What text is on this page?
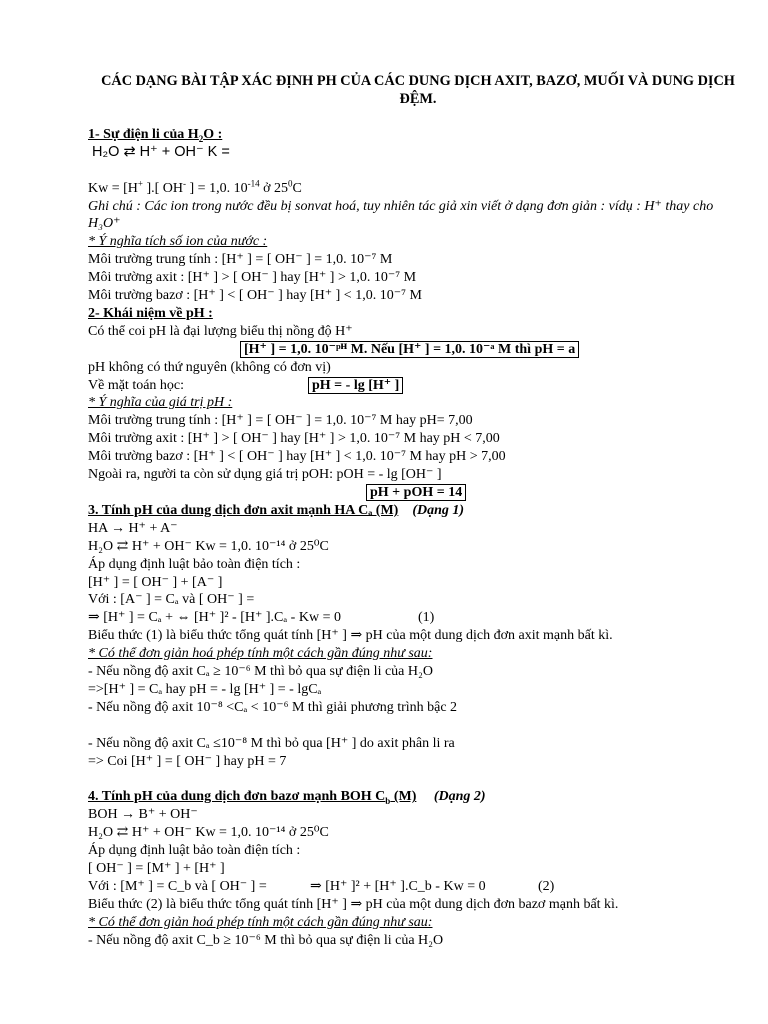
CÁC DẠNG BÀI TẬP XÁC ĐỊNH PH CỦA CÁC DUNG DỊCH AXIT, BAZƠ, MUỐI VÀ DUNG DỊCH ĐỆM.
1- Sự điện li của $H_2O$ :
H₂O ⇄ H⁺ + OH⁻ K =
Kw = [H+ ].[ OH- ] = 1,0. $10^{-14}$ ở $25^0C$
Ghi chú : Các ion trong nước đều bị sonvat hoá, tuy nhiên tác giả xin viết ở dạng đơn giản : vídụ : H⁺ thay cho H₃O⁺
* Ý nghĩa tích số ion của nước :
Môi trường trung tính : [H⁺ ] = [ OH⁻ ] = 1,0. 10⁻⁷ M
Môi trường axit : [H⁺ ] > [ OH⁻ ] hay [H⁺ ] > 1,0. 10⁻⁷ M
Môi trường bazơ : [H⁺ ] < [ OH⁻ ] hay [H⁺ ] < 1,0. 10⁻⁷ M
2- Khái niệm về pH :
Có thể coi pH là đại lượng biểu thị nồng độ H⁺
[H⁺ ] = 1,0. 10⁻ᵖᴴ M. Nếu [H⁺ ] = 1,0. 10⁻ᵃ M thì pH = a
pH không có thứ nguyên (không có đơn vị)
Về mặt toán học:	pH = - lg [H⁺ ]
* Ý nghĩa của giá trị pH :
Môi trường trung tính : [H⁺ ] = [ OH⁻ ] = 1,0. 10⁻⁷ M hay pH= 7,00
Môi trường axit : [H⁺ ] > [ OH⁻ ] hay [H⁺ ] > 1,0. 10⁻⁷ M hay pH < 7,00
Môi trường bazơ : [H⁺ ] < [ OH⁻ ] hay [H⁺ ] < 1,0. 10⁻⁷ M hay pH > 7,00
Ngoài ra, người ta còn sử dụng giá trị pOH: pOH = - lg [OH⁻ ]
pH + pOH = 14
3. Tính pH của dung dịch đơn axit mạnh HA Cₐ (M) (Dạng 1)
HA → H⁺ + A⁻
H₂O ⇄ H⁺ + OH⁻ Kw = 1,0. 10⁻¹⁴ ở 25⁰C
Áp dụng định luật bảo toàn điện tích :
[H⁺ ] = [ OH⁻ ] + [A⁻ ]
Với : [A⁻ ] = Cₐ và [ OH⁻ ] =
⇒ [H⁺ ] = Cₐ + ⇔ [H⁺ ]² - [H⁺ ].Cₐ - Kw = 0	(1)
Biểu thức (1) là biểu thức tổng quát tính [H⁺ ] ⇒ pH của một dung dịch đơn axit mạnh bất kì.
* Có thể đơn giản hoá phép tính một cách gần đúng như sau:
- Nếu nồng độ axit Cₐ ≥ 10⁻⁶ M thì bỏ qua sự điện li của H₂O
=>[H⁺ ] = Cₐ hay pH = - lg [H⁺ ] = - lgCₐ
- Nếu nồng độ axit 10⁻⁸ <Cₐ < 10⁻⁶ M thì giải phương trình bậc 2
- Nếu nồng độ axit Cₐ ≤10⁻⁸ M thì bỏ qua [H⁺ ] do axit phân li ra
=> Coi [H⁺ ] = [ OH⁻ ] hay pH = 7
4. Tính pH của dung dịch đơn bazơ mạnh BOH $C_b$ (M) (Dạng 2)
BOH → B⁺ + OH⁻
H₂O ⇄ H⁺ + OH⁻ Kw = 1,0. 10⁻¹⁴ ở 25⁰C
Áp dụng định luật bảo toàn điện tích :
[ OH⁻ ] = [M⁺ ] + [H⁺ ]
Với : [M⁺ ] = C_b và [ OH⁻ ] =	⇒ [H⁺ ]² + [H⁺ ].C_b - Kw = 0	(2)
Biểu thức (2) là biểu thức tổng quát tính [H⁺ ] ⇒ pH của một dung dịch đơn bazơ mạnh bất kì.
* Có thể đơn giản hoá phép tính một cách gần đúng như sau:
- Nếu nồng độ axit C_b ≥ 10⁻⁶ M thì bỏ qua sự điện li của H₂O
